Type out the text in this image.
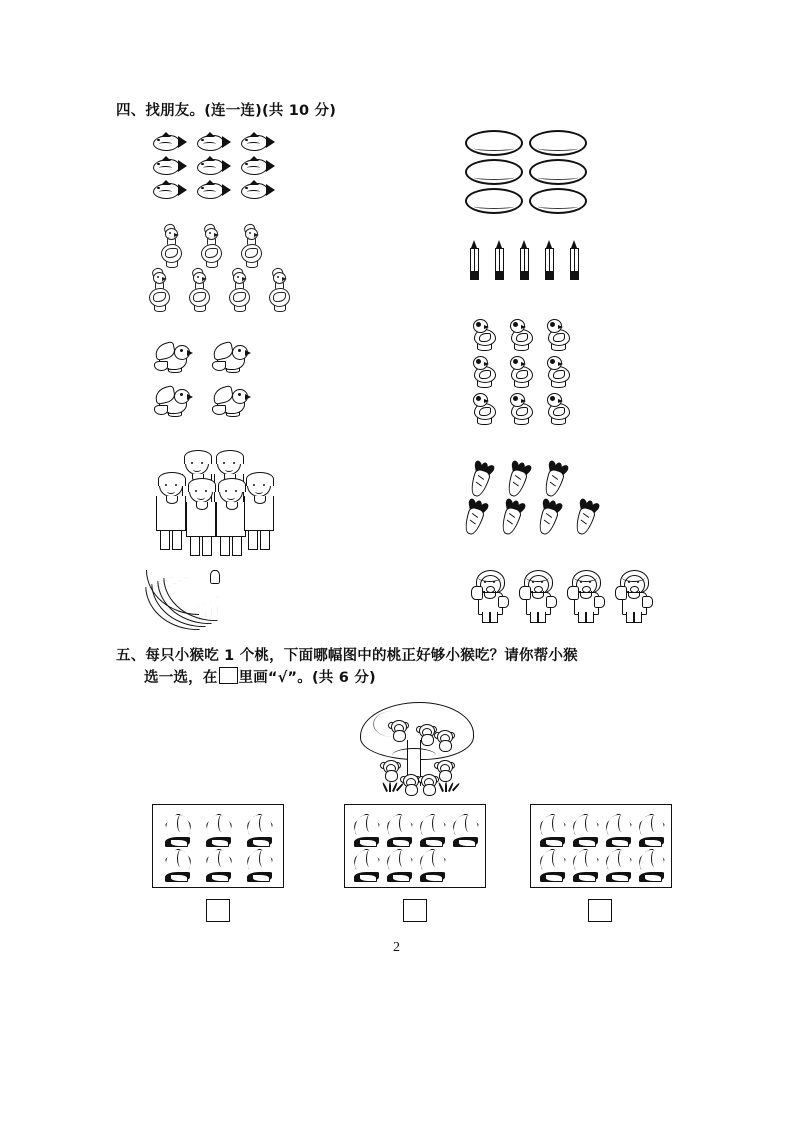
四、找朋友。(连一连)(共 10 分)
五、每只小猴吃 1 个桃，下面哪幅图中的桃正好够小猴吃？请你帮小猴
选一选，在 里画“√”。(共 6 分)
2
